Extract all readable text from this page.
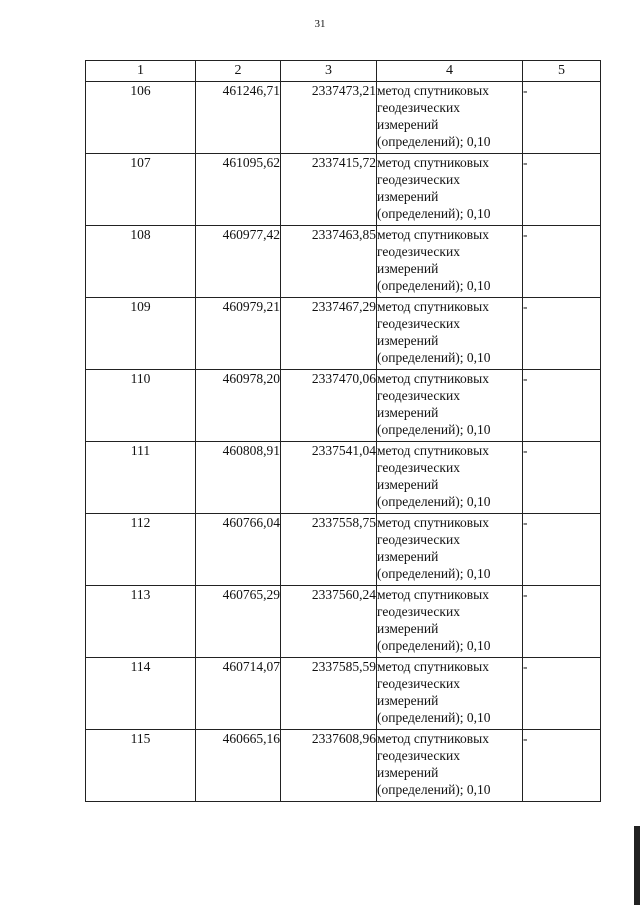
31
1	2	3	4	5
106	461246,71	2337473,21	метод спутниковых
геодезических
измерений
(определений); 0,10	-
107	461095,62	2337415,72	метод спутниковых
геодезических
измерений
(определений); 0,10	-
108	460977,42	2337463,85	метод спутниковых
геодезических
измерений
(определений); 0,10	-
109	460979,21	2337467,29	метод спутниковых
геодезических
измерений
(определений); 0,10	-
110	460978,20	2337470,06	метод спутниковых
геодезических
измерений
(определений); 0,10	-
111	460808,91	2337541,04	метод спутниковых
геодезических
измерений
(определений); 0,10	-
112	460766,04	2337558,75	метод спутниковых
геодезических
измерений
(определений); 0,10	-
113	460765,29	2337560,24	метод спутниковых
геодезических
измерений
(определений); 0,10	-
114	460714,07	2337585,59	метод спутниковых
геодезических
измерений
(определений); 0,10	-
115	460665,16	2337608,96	метод спутниковых
геодезических
измерений
(определений); 0,10	-
